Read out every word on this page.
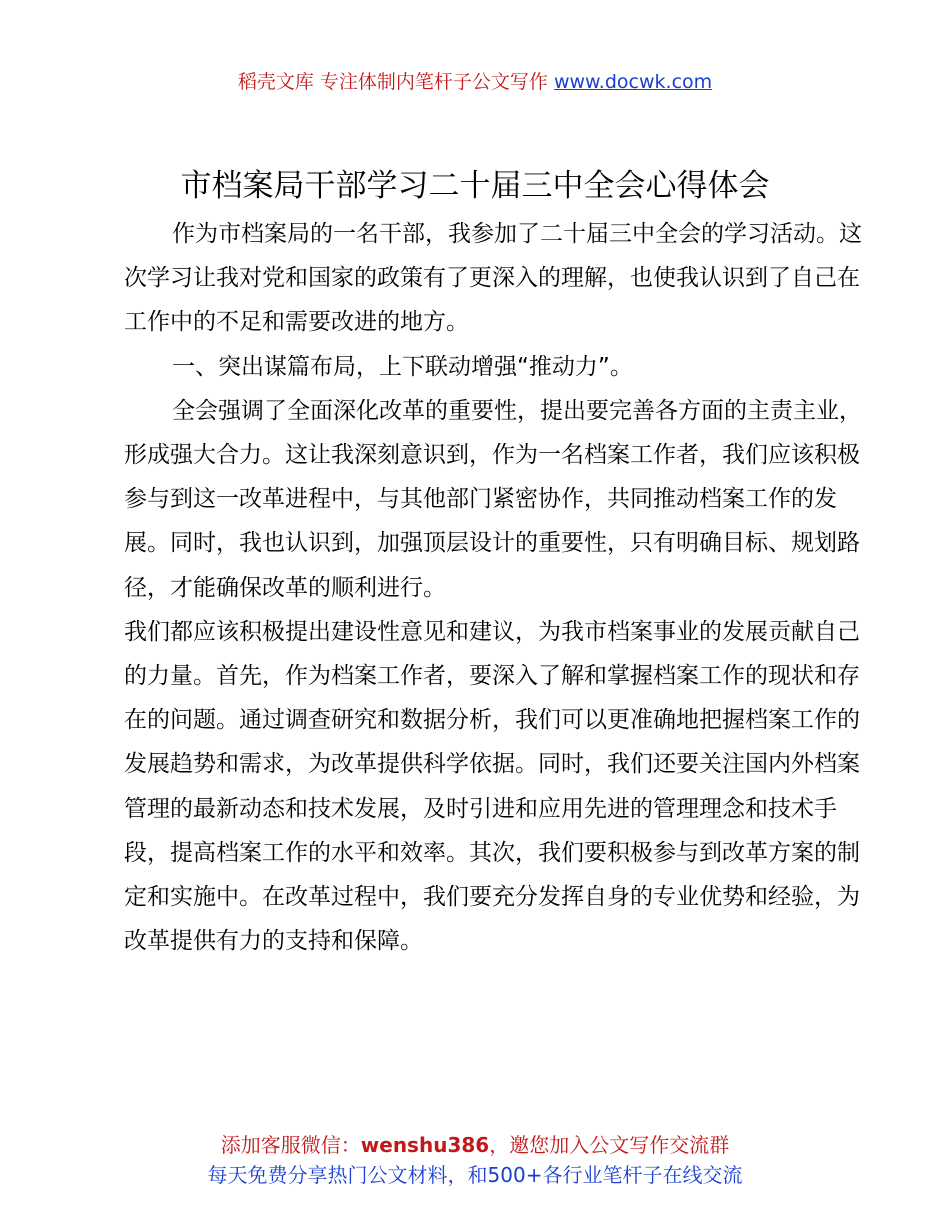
稻壳文库 专注体制内笔杆子公文写作 www.docwk.com
市档案局干部学习二十届三中全会心得体会

作为市档案局的一名干部，我参加了二十届三中全会的学习活动。这次学习让我对党和国家的政策有了更深入的理解，也使我认识到了自己在工作中的不足和需要改进的地方。

一、突出谋篇布局，上下联动增强“推动力”。

全会强调了全面深化改革的重要性，提出要完善各方面的主责主业，形成强大合力。这让我深刻意识到，作为一名档案工作者，我们应该积极参与到这一改革进程中，与其他部门紧密协作，共同推动档案工作的发展。同时，我也认识到，加强顶层设计的重要性，只有明确目标、规划路径，才能确保改革的顺利进行。

我们都应该积极提出建设性意见和建议，为我市档案事业的发展贡献自己的力量。首先，作为档案工作者，要深入了解和掌握档案工作的现状和存在的问题。通过调查研究和数据分析，我们可以更准确地把握档案工作的发展趋势和需求，为改革提供科学依据。同时，我们还要关注国内外档案管理的最新动态和技术发展，及时引进和应用先进的管理理念和技术手段，提高档案工作的水平和效率。其次，我们要积极参与到改革方案的制定和实施中。在改革过程中，我们要充分发挥自身的专业优势和经验，为改革提供有力的支持和保障。

添加客服微信：wenshu386，邀您加入公文写作交流群
每天免费分享热门公文材料，和500+各行业笔杆子在线交流
